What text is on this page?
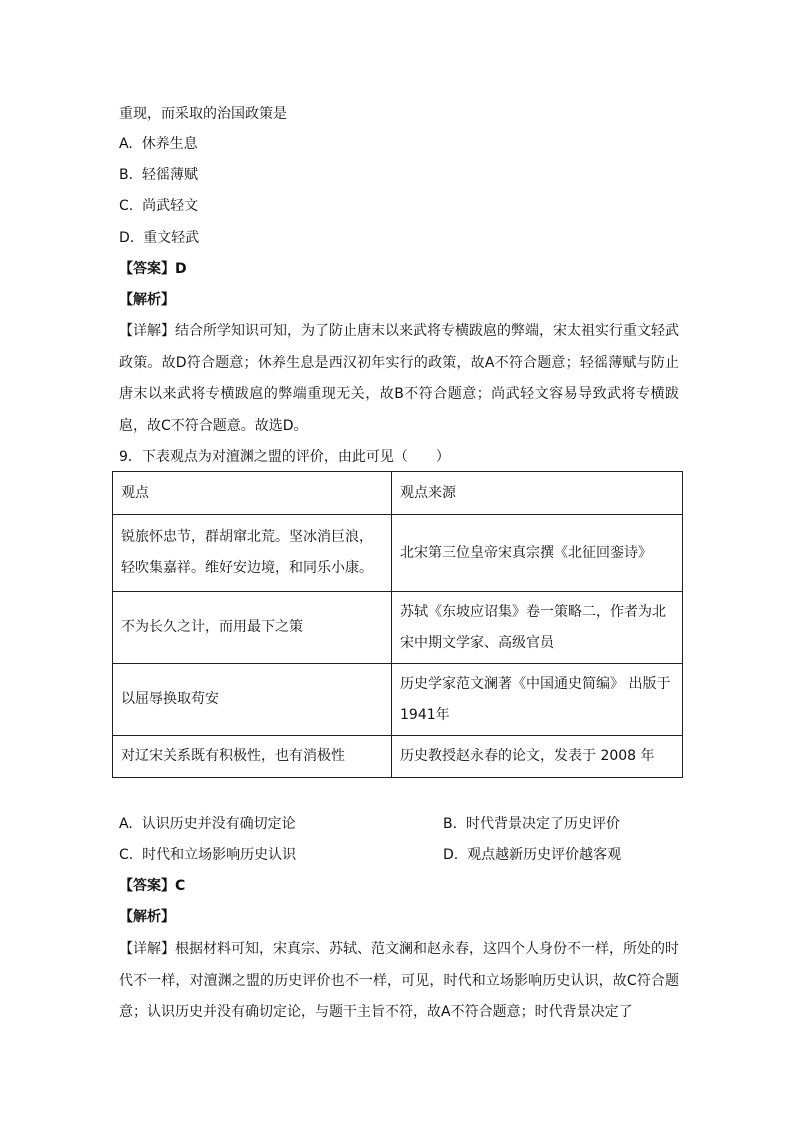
重现，而采取的治国政策是
A. 休养生息
B. 轻徭薄赋
C. 尚武轻文
D. 重文轻武
【答案】D
【解析】
【详解】结合所学知识可知，为了防止唐末以来武将专横跋扈的弊端，宋太祖实行重文轻武政策。故D符合题意；休养生息是西汉初年实行的政策，故A不符合题意；轻徭薄赋与防止唐末以来武将专横跋扈的弊端重现无关，故B不符合题意；尚武轻文容易导致武将专横跋扈，故C不符合题意。故选D。
9．下表观点为对澶渊之盟的评价，由此可见（　　）
观点	观点来源
锐旅怀忠节，群胡窜北荒。坚冰消巨浪，轻吹集嘉祥。维好安边境，和同乐小康。	北宋第三位皇帝宋真宗撰《北征回銮诗》
不为长久之计，而用最下之策	苏轼《东坡应诏集》卷一策略二，作者为北宋中期文学家、高级官员
以屈辱换取苟安	历史学家范文澜著《中国通史简编》 出版于1941年
对辽宋关系既有积极性，也有消极性	历史教授赵永春的论文，发表于 2008 年
A. 认识历史并没有确切定论	B. 时代背景决定了历史评价
C. 时代和立场影响历史认识	D. 观点越新历史评价越客观
【答案】C
【解析】
【详解】根据材料可知，宋真宗、苏轼、范文澜和赵永春，这四个人身份不一样，所处的时代不一样，对澶渊之盟的历史评价也不一样，可见，时代和立场影响历史认识，故C符合题意；认识历史并没有确切定论，与题干主旨不符，故A不符合题意；时代背景决定了
